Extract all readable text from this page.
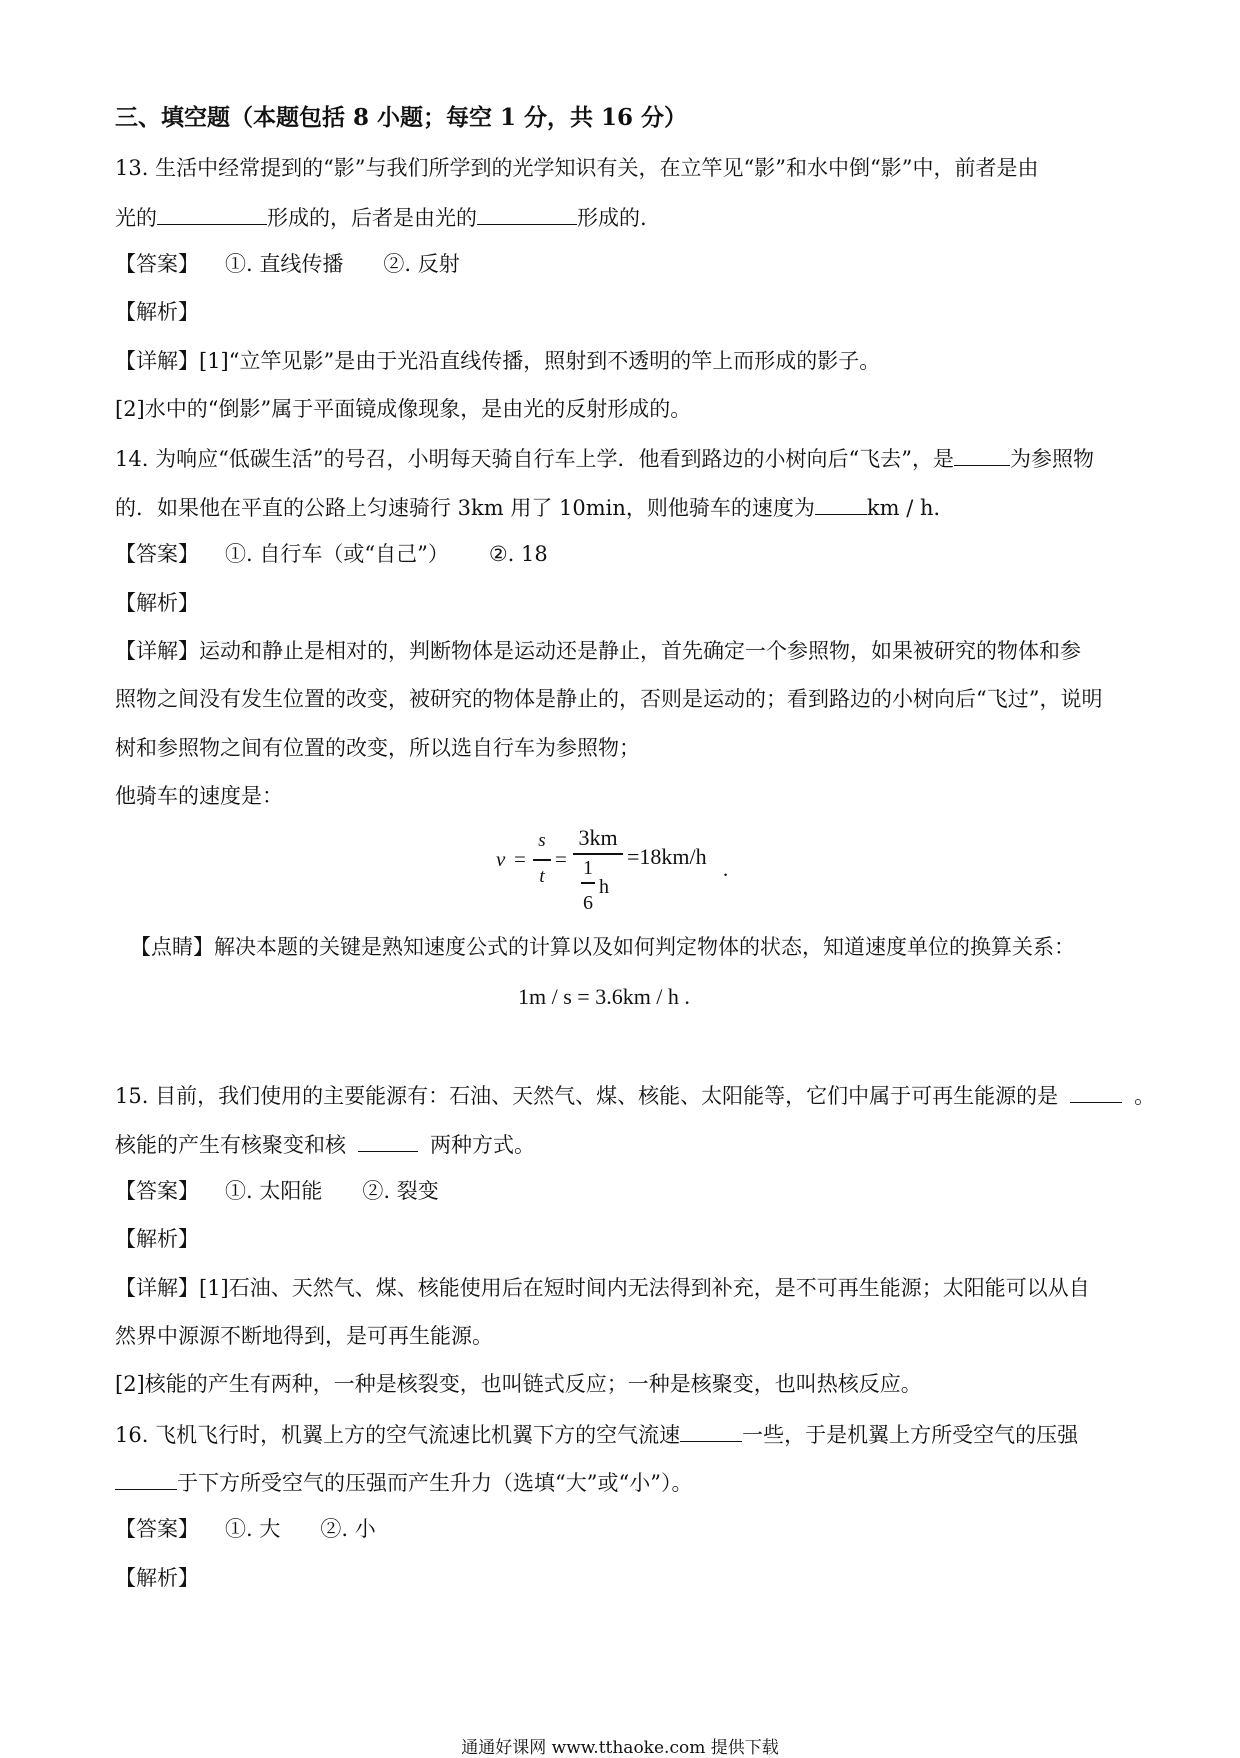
三、填空题（本题包括 8 小题；每空 1 分，共 16 分）
13. 生活中经常提到的“影”与我们所学到的光学知识有关，在立竿见“影”和水中倒“影”中，前者是由
光的	形成的，后者是由光的	形成的.
【答案】 ①. 直线传播 ②. 反射
【解析】
【详解】[1]“立竿见影”是由于光沿直线传播，照射到不透明的竿上而形成的影子。
[2]水中的“倒影”属于平面镜成像现象，是由光的反射形成的。
14. 为响应“低碳生活”的号召，小明每天骑自行车上学．他看到路边的小树向后“飞去”，是	为参照物
的．如果他在平直的公路上匀速骑行 3km 用了 10min，则他骑车的速度为 km / h．
【答案】 ①. 自行车（或“自己”） ②. 18
【解析】
【详解】运动和静止是相对的，判断物体是运动还是静止，首先确定一个参照物，如果被研究的物体和参
照物之间没有发生位置的改变，被研究的物体是静止的，否则是运动的；看到路边的小树向后“飞过”，说明
树和参照物之间有位置的改变，所以选自行车为参照物；
他骑车的速度是：
v =
s
t
=
3km
1
6
h
=18km/h .
【点睛】解决本题的关键是熟知速度公式的计算以及如何判定物体的状态，知道速度单位的换算关系：
1m / s = 3.6km / h .
15. 目前，我们使用的主要能源有：石油、天然气、煤、核能、太阳能等，它们中属于可再生能源的是	。
核能的产生有核聚变和核	两种方式。
【答案】 ①. 太阳能 ②. 裂变
【解析】
【详解】[1]石油、天然气、煤、核能使用后在短时间内无法得到补充，是不可再生能源；太阳能可以从自
然界中源源不断地得到，是可再生能源。
[2]核能的产生有两种，一种是核裂变，也叫链式反应；一种是核聚变，也叫热核反应。
16. 飞机飞行时，机翼上方的空气流速比机翼下方的空气流速	一些，于是机翼上方所受空气的压强
于下方所受空气的压强而产生升力（选填“大”或“小”）。
【答案】 ①. 大 ②. 小
【解析】
通通好课网 www.tthaoke.com 提供下载
